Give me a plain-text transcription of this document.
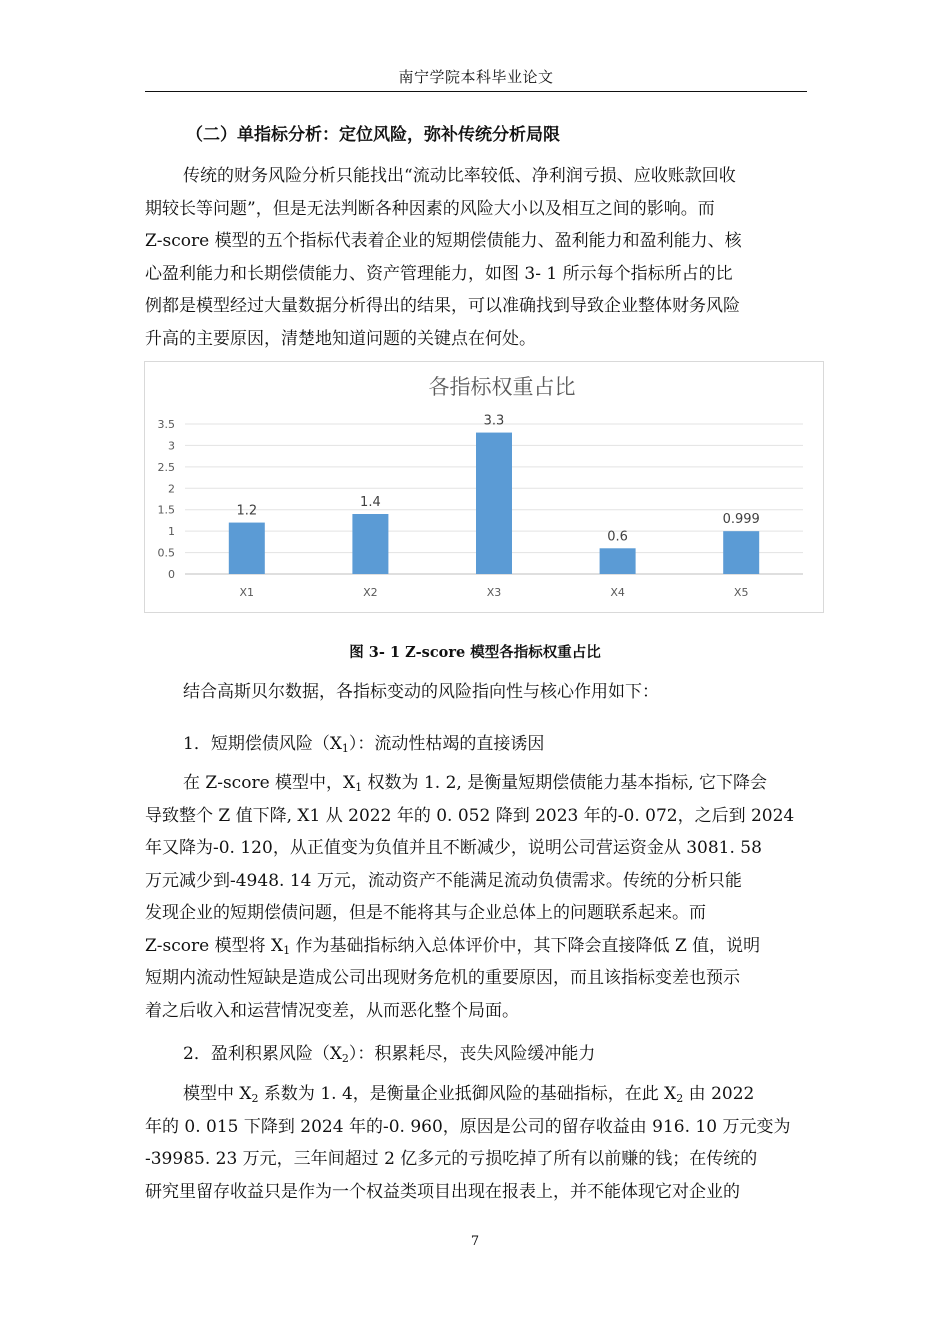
南宁学院本科毕业论文
（二）单指标分析：定位风险，弥补传统分析局限
传统的财务风险分析只能找出“流动比率较低、净利润亏损、应收账款回收
期较长等问题”，但是无法判断各种因素的风险大小以及相互之间的影响。而
Z-score 模型的五个指标代表着企业的短期偿债能力、盈利能力和盈利能力、核
心盈利能力和长期偿债能力、资产管理能力，如图 3- 1 所示每个指标所占的比
例都是模型经过大量数据分析得出的结果，可以准确找到导致企业整体财务风险
升高的主要原因，清楚地知道问题的关键点在何处。
各指标权重占比
0
0.5
1
1.5
2
2.5
3
3.5
1.2
X1
1.4
X2
3.3
X3
0.6
X4
0.999
X5
图 3- 1 Z-score 模型各指标权重占比
结合高斯贝尔数据，各指标变动的风险指向性与核心作用如下：
1．短期偿债风险$(X_1)$：流动性枯竭的直接诱因
在 Z-score 模型中，$X_1$ 权数为 1. 2, 是衡量短期偿债能力基本指标, 它下降会
导致整个 Z 值下降, X1 从 2022 年的 0. 052 降到 2023 年的-0. 072，之后到 2024
年又降为-0. 120，从正值变为负值并且不断减少，说明公司营运资金从 3081. 58
万元减少到-4948. 14 万元，流动资产不能满足流动负债需求。传统的分析只能
发现企业的短期偿债问题，但是不能将其与企业总体上的问题联系起来。而
Z-score 模型将 $X_1$ 作为基础指标纳入总体评价中，其下降会直接降低 Z 值，说明
短期内流动性短缺是造成公司出现财务危机的重要原因，而且该指标变差也预示
着之后收入和运营情况变差，从而恶化整个局面。
2．盈利积累风险$(X_2)$：积累耗尽，丧失风险缓冲能力
模型中 $X_2$ 系数为 1. 4，是衡量企业抵御风险的基础指标，在此 $X_2$ 由 2022
年的 0. 015 下降到 2024 年的-0. 960，原因是公司的留存收益由 916. 10 万元变为
-39985. 23 万元，三年间超过 2 亿多元的亏损吃掉了所有以前赚的钱；在传统的
研究里留存收益只是作为一个权益类项目出现在报表上，并不能体现它对企业的
7
